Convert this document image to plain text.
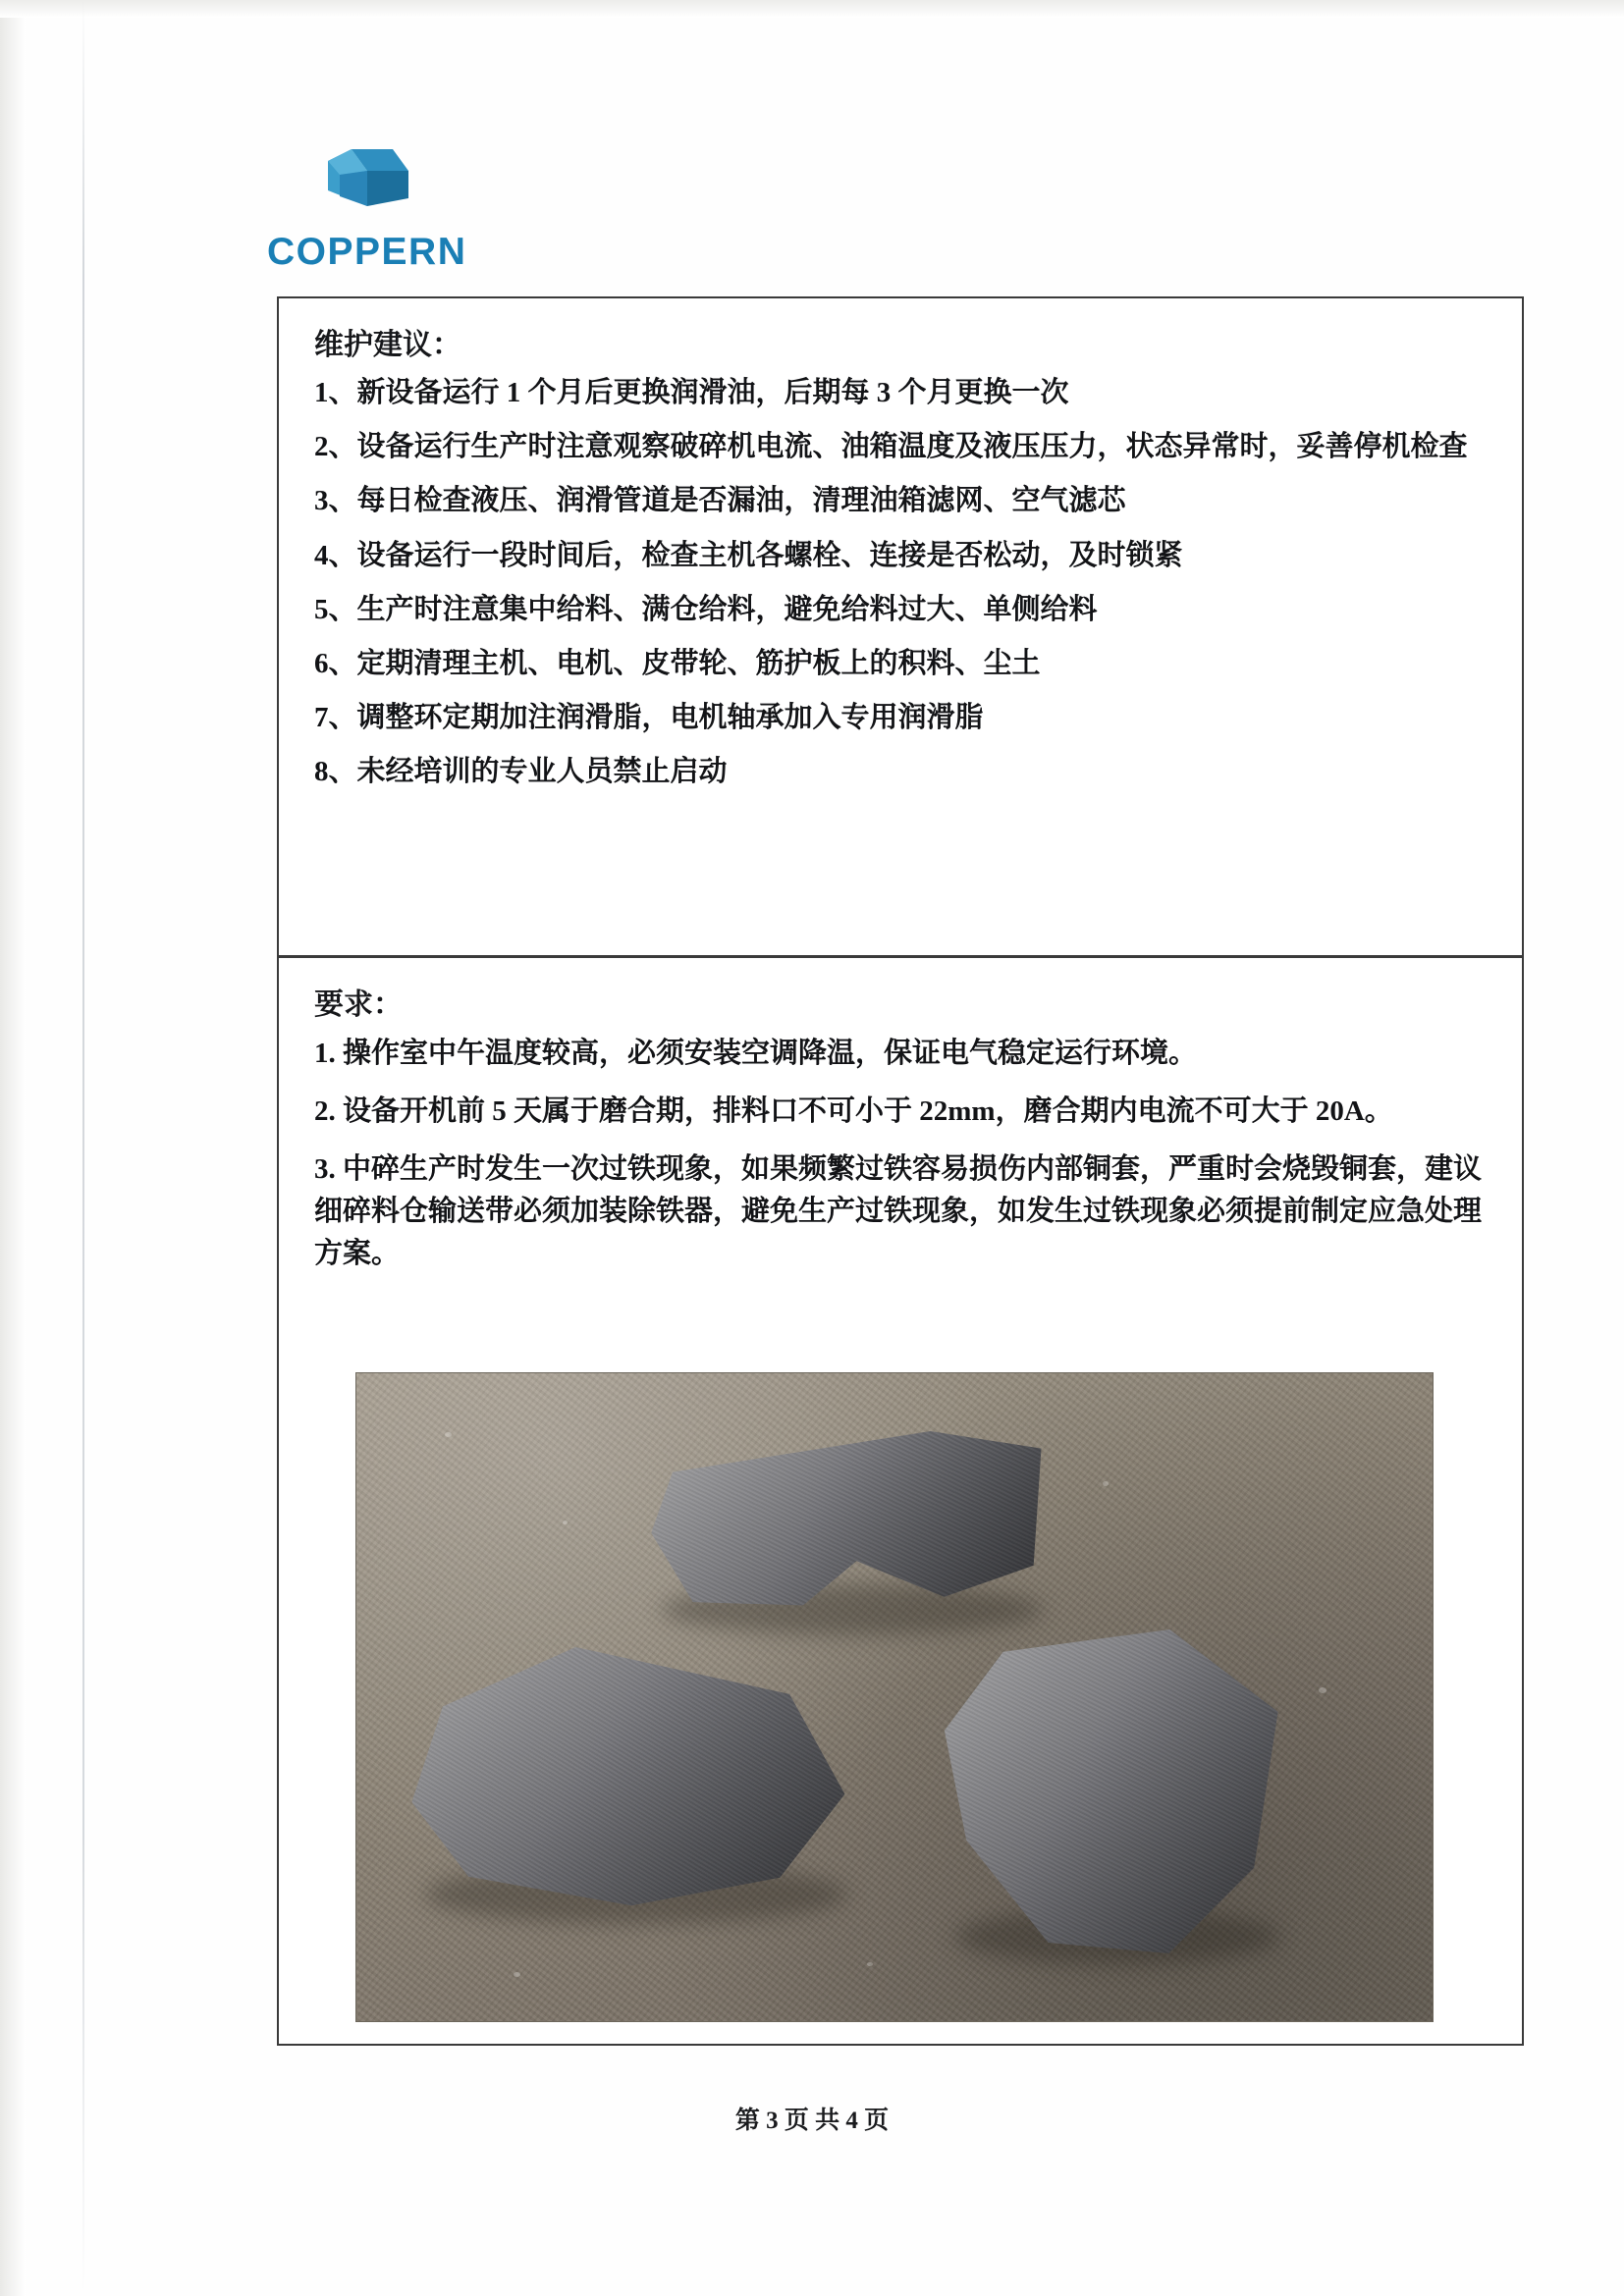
COPPERN
维护建议：
1、 新设备运行 1 个月后更换润滑油，后期每 3 个月更换一次
2、 设备运行生产时注意观察破碎机电流、油箱温度及液压压力，状态异常时，妥善停机检查
3、 每日检查液压、润滑管道是否漏油，清理油箱滤网、空气滤芯
4、 设备运行一段时间后，检查主机各螺栓、连接是否松动，及时锁紧
5、 生产时注意集中给料、满仓给料，避免给料过大、单侧给料
6、 定期清理主机、电机、皮带轮、筋护板上的积料、尘土
7、 调整环定期加注润滑脂，电机轴承加入专用润滑脂
8、 未经培训的专业人员禁止启动
要求：
1. 操作室中午温度较高，必须安装空调降温，保证电气稳定运行环境。
2. 设备开机前 5 天属于磨合期，排料口不可小于 22mm，磨合期内电流不可大于 20A。
3. 中碎生产时发生一次过铁现象，如果频繁过铁容易损伤内部铜套，严重时会烧毁铜套，建议细碎料仓输送带必须加装除铁器，避免生产过铁现象，如发生过铁现象必须提前制定应急处理方案。
第 3 页 共 4 页
